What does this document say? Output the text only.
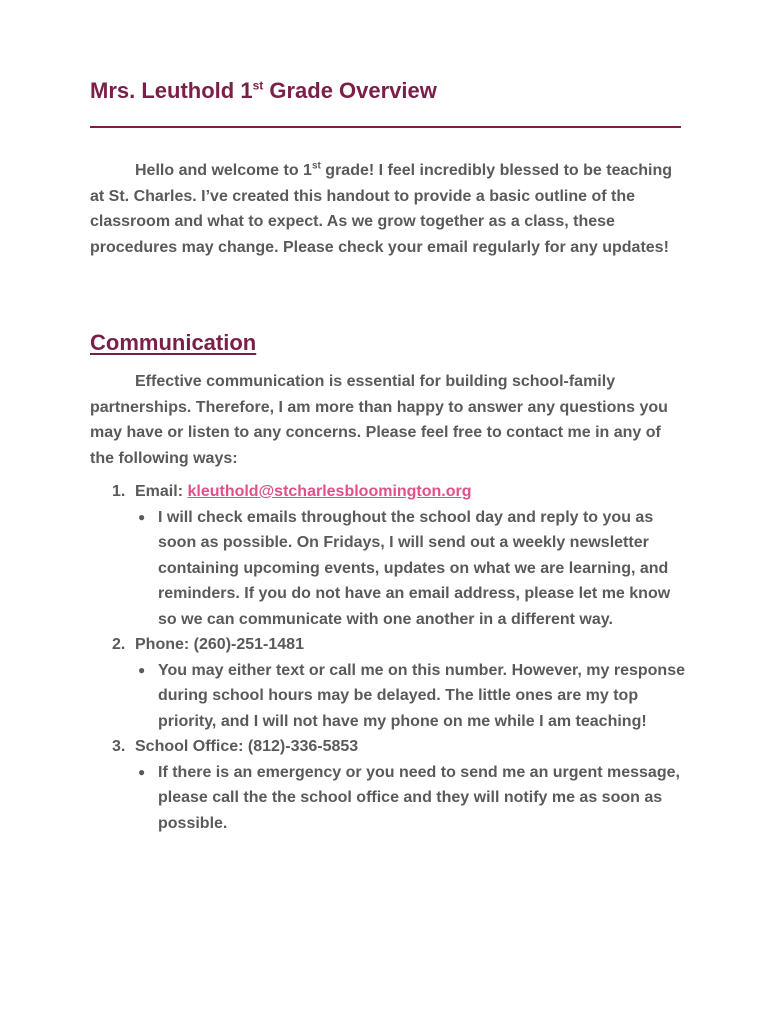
Mrs. Leuthold 1st Grade Overview

Hello and welcome to 1st grade! I feel incredibly blessed to be teaching at St. Charles. I’ve created this handout to provide a basic outline of the classroom and what to expect. As we grow together as a class, these procedures may change. Please check your email regularly for any updates!

Communication

Effective communication is essential for building school-family partnerships. Therefore, I am more than happy to answer any questions you may have or listen to any concerns. Please feel free to contact me in any of the following ways:

1. Email: kleuthold@stcharlesbloomington.org
● I will check emails throughout the school day and reply to you as soon as possible. On Fridays, I will send out a weekly newsletter containing upcoming events, updates on what we are learning, and reminders. If you do not have an email address, please let me know so we can communicate with one another in a different way.
2. Phone: (260)-251-1481
● You may either text or call me on this number. However, my response during school hours may be delayed. The little ones are my top priority, and I will not have my phone on me while I am teaching!
3. School Office: (812)-336-5853
● If there is an emergency or you need to send me an urgent message, please call the the school office and they will notify me as soon as possible.
